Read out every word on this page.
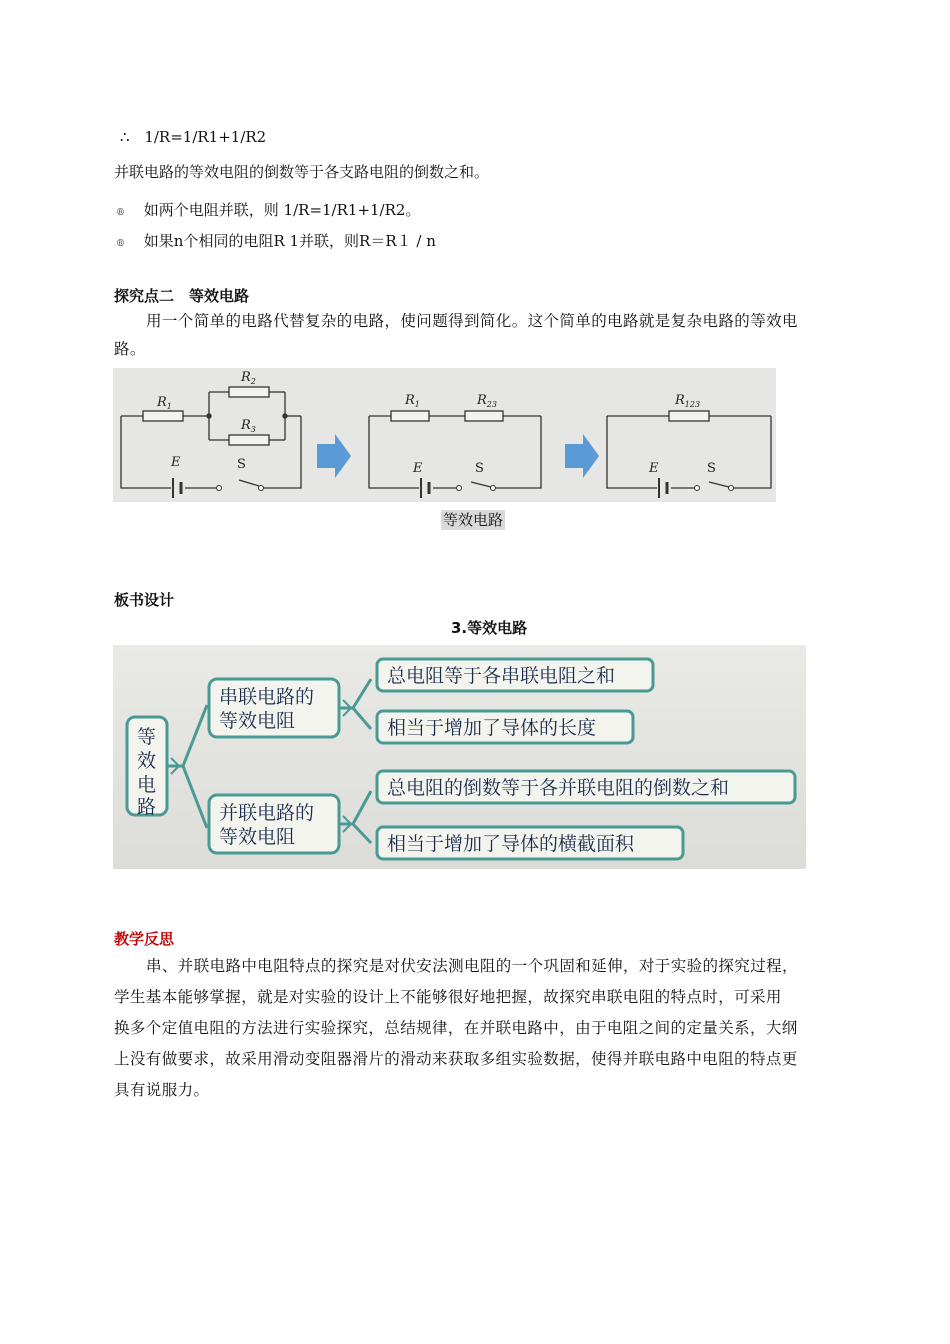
∴ 1/R=1/R1+1/R2
并联电路的等效电阻的倒数等于各支路电阻的倒数之和。
® 如两个电阻并联，则 1/R=1/R1+1/R2。
® 如果n个相同的电阻R 1并联，则R＝R１ / n
探究点二　等效电路
用一个简单的电路代替复杂的电路，使问题得到简化。这个简单的电路就是复杂电路的等效电
路。
$R_1$
$R_2$
$R_3$
E	S
$R_1$	$R_{23}$
E	S
$R_{123}$
E	S
等效电路
板书设计
3.等效电路
等
效
电
路
串联电路的
等效电阻
并联电路的
等效电阻
总电阻等于各串联电阻之和
相当于增加了导体的长度
总电阻的倒数等于各并联电阻的倒数之和
相当于增加了导体的横截面积
教学反思
串、并联电路中电阻特点的探究是对伏安法测电阻的一个巩固和延伸，对于实验的探究过程，
学生基本能够掌握，就是对实验的设计上不能够很好地把握，故探究串联电阻的特点时，可采用
换多个定值电阻的方法进行实验探究，总结规律，在并联电路中，由于电阻之间的定量关系，大纲
上没有做要求，故采用滑动变阻器滑片的滑动来获取多组实验数据，使得并联电路中电阻的特点更
具有说服力。
